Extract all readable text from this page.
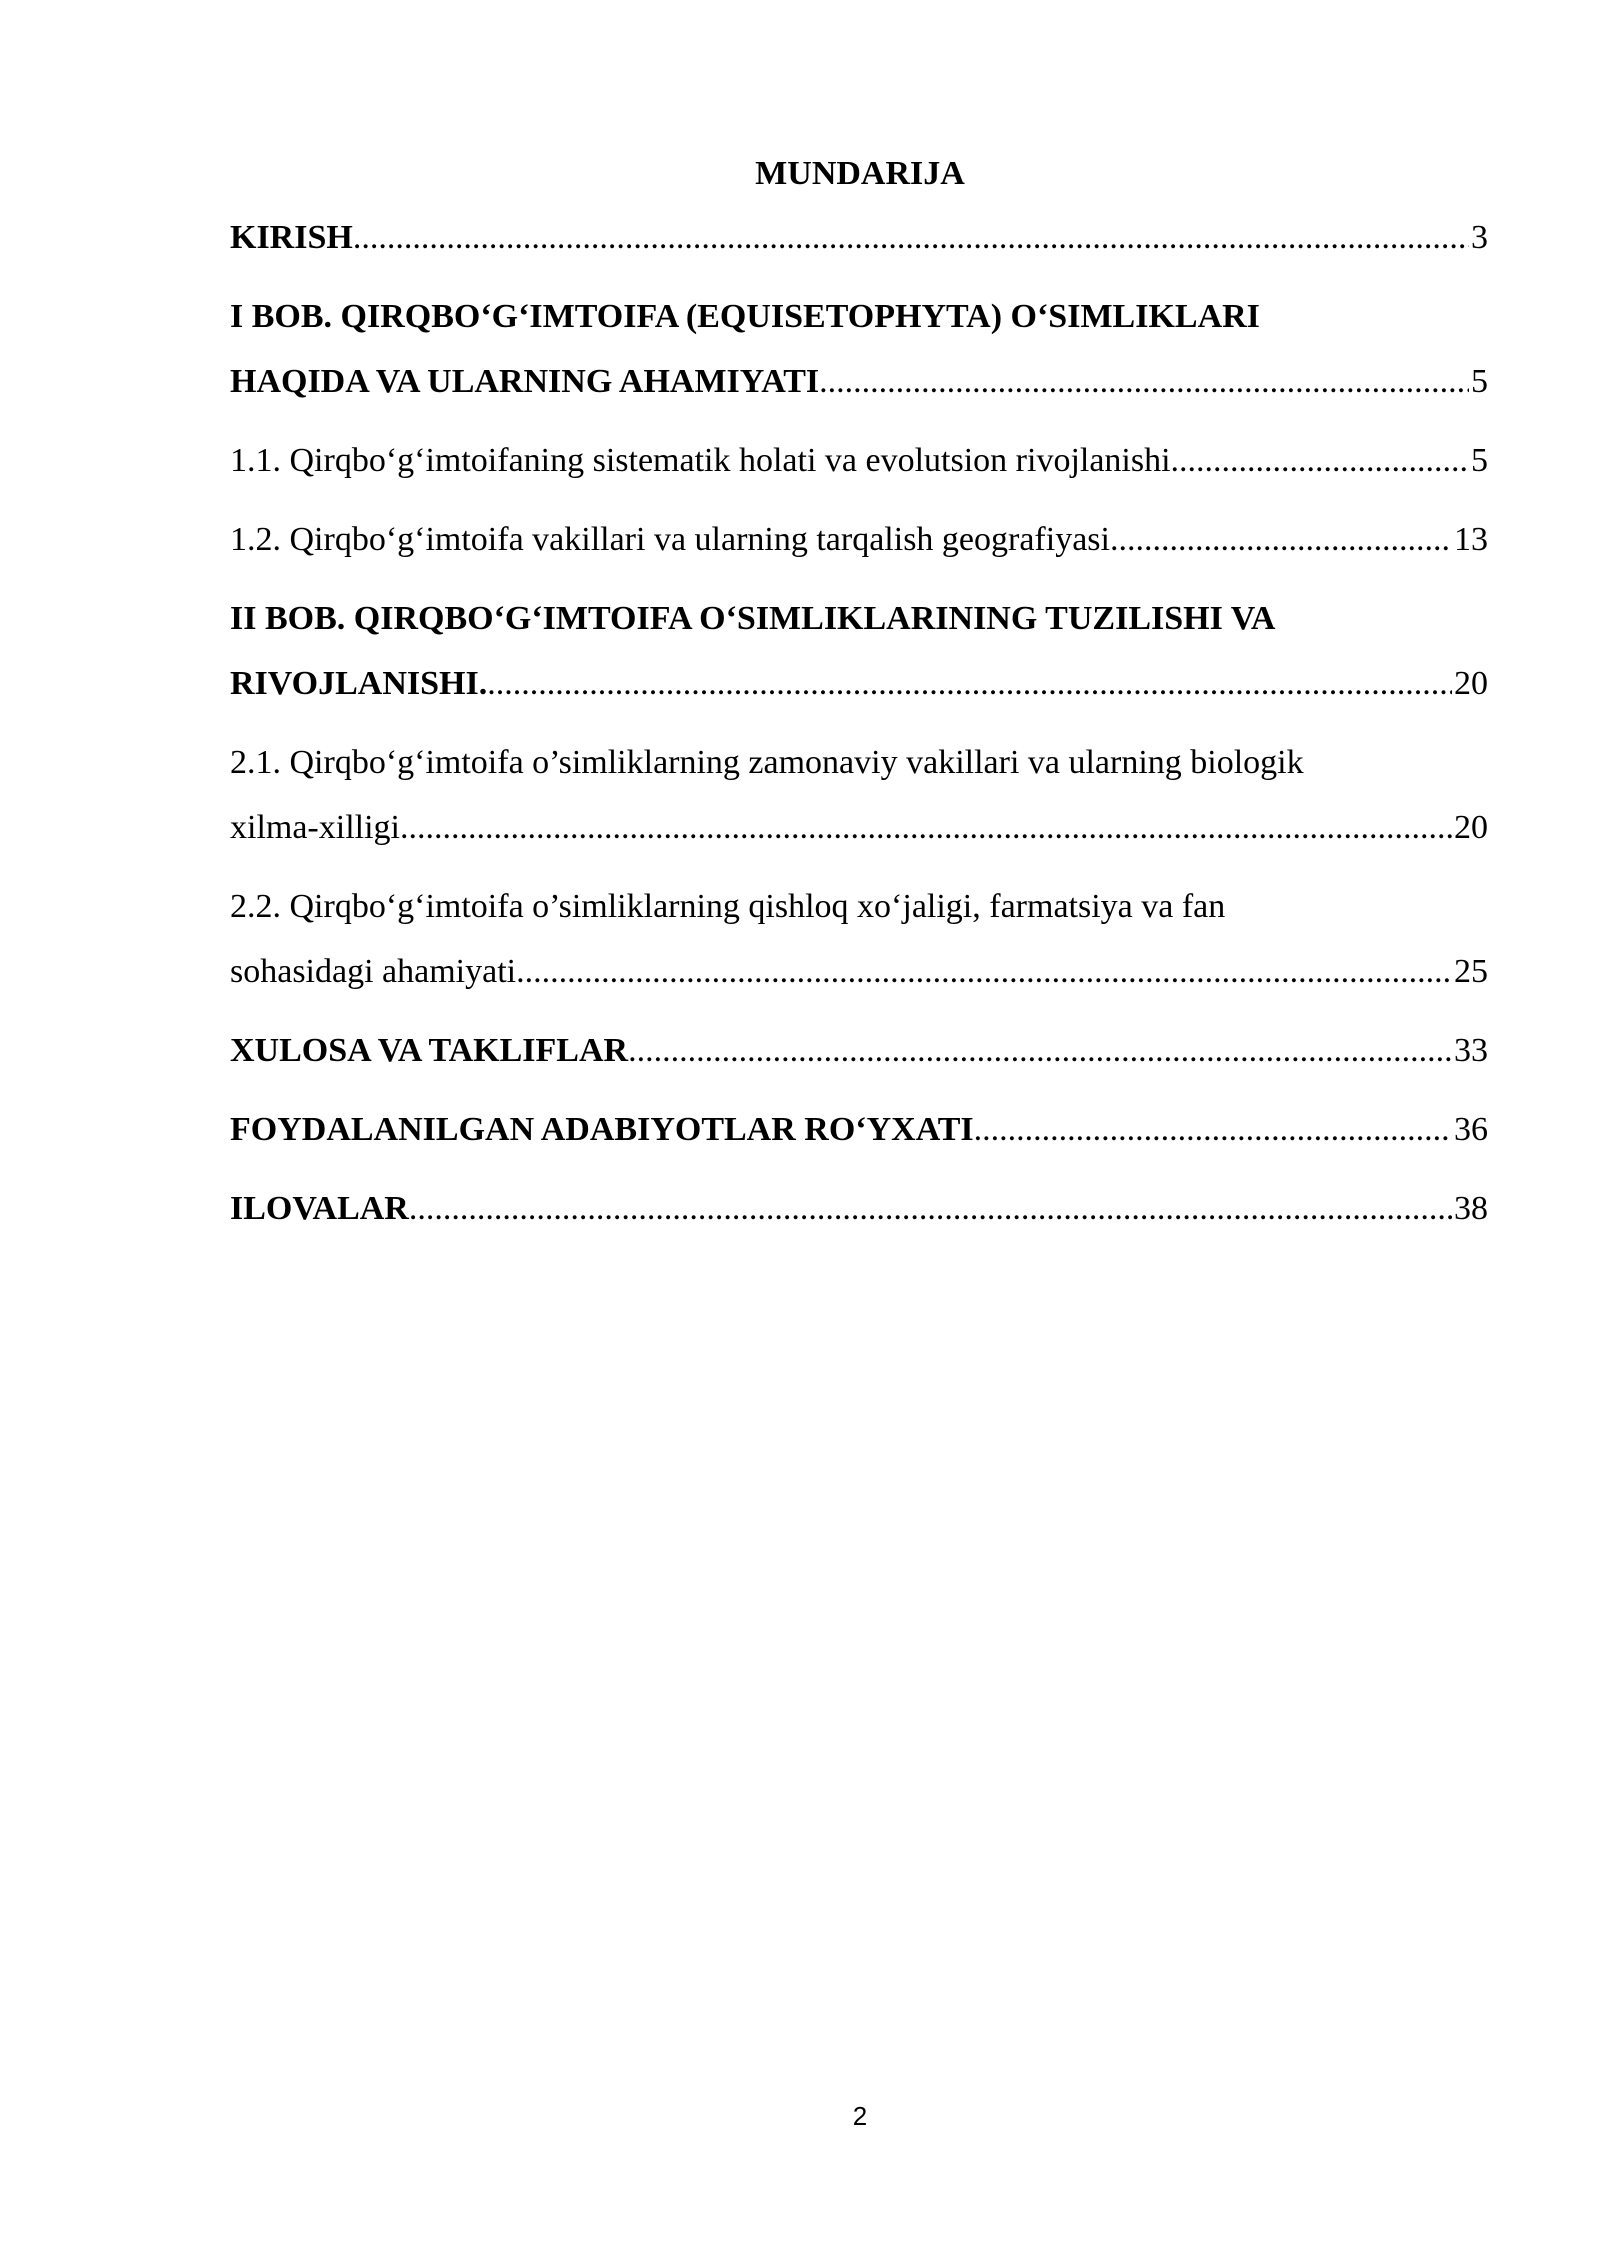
MUNDARIJA
KIRISH .....	3
I BOB. QIRQBO‘G‘IMTOIFA (EQUISETOPHYTA) O‘SIMLIKLARI
HAQIDA VA ULARNING AHAMIYATI .....	5
1.1. Qirqbo‘g‘imtoifaning sistematik holati va evolutsion rivojlanishi .....	5
1.2. Qirqbo‘g‘imtoifa vakillari va ularning tarqalish geografiyasi .....	13
II BOB. QIRQBO‘G‘IMTOIFA O‘SIMLIKLARINING TUZILISHI VA
RIVOJLANISHI. .....	20
2.1. Qirqbo‘g‘imtoifa o’simliklarning zamonaviy vakillari va ularning biologik
xilma-xilligi .....	20
2.2. Qirqbo‘g‘imtoifa o’simliklarning qishloq xo‘jaligi, farmatsiya va fan
sohasidagi ahamiyati .....	25
XULOSA VA TAKLIFLAR .....	33
FOYDALANILGAN ADABIYOTLAR RO‘YXATI .....	36
ILOVALAR .....	38
2
